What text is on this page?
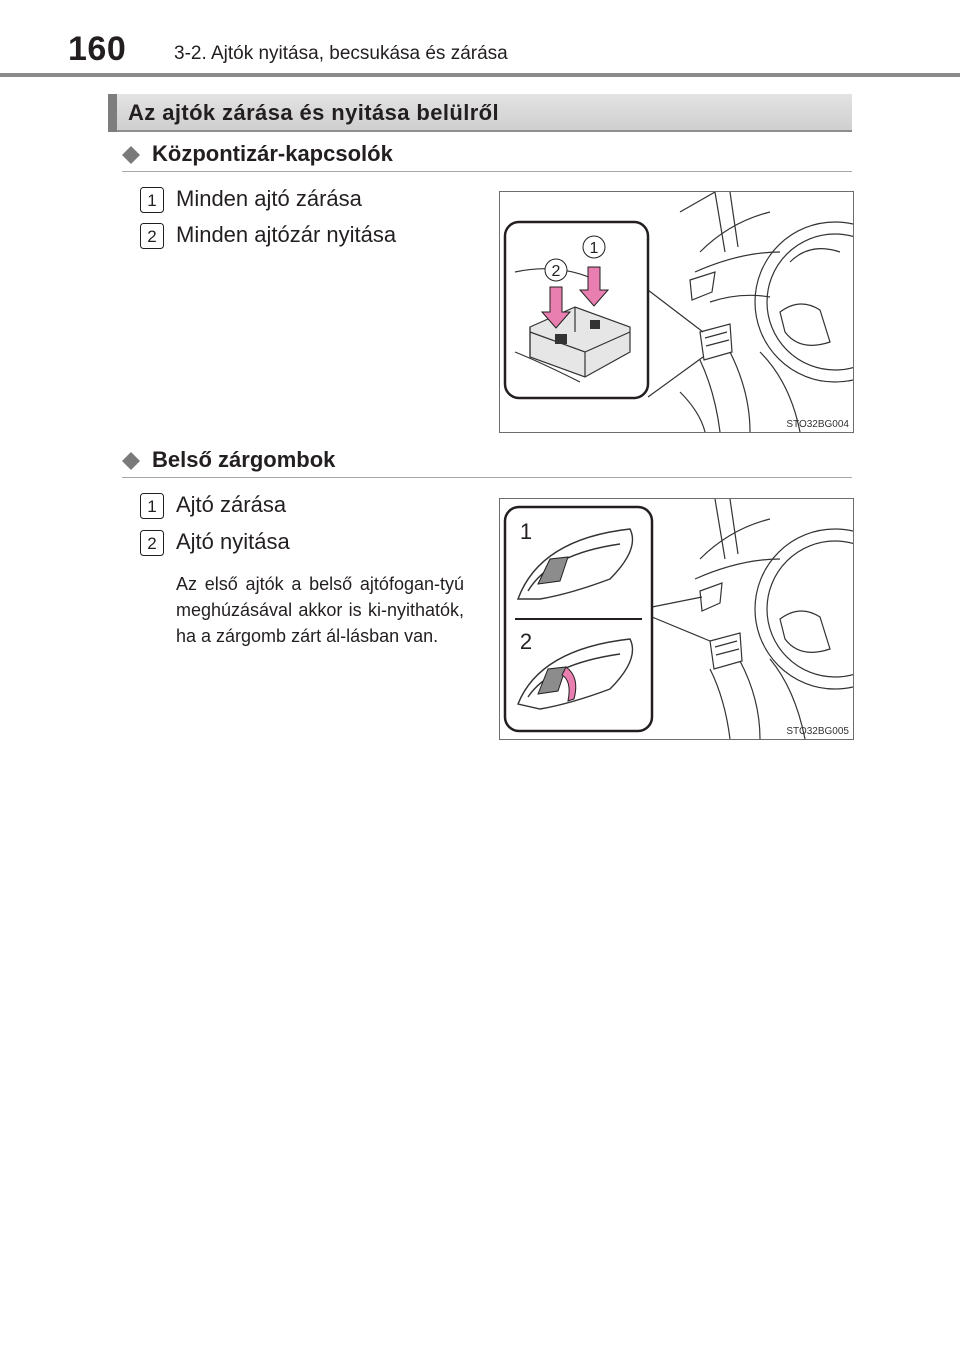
160	3-2. Ajtók nyitása, becsukása és zárása
Az ajtók zárása és nyitása belülről
Központizár-kapcsolók
1 Minden ajtó zárása
2 Minden ajtózár nyitása
1
2
STO32BG004
Belső zárgombok
1 Ajtó zárása
2 Ajtó nyitása
Az első ajtók a belső ajtófogan-tyú meghúzásával akkor is ki-nyithatók, ha a zárgomb zárt ál-lásban van.
1
2
STO32BG005
